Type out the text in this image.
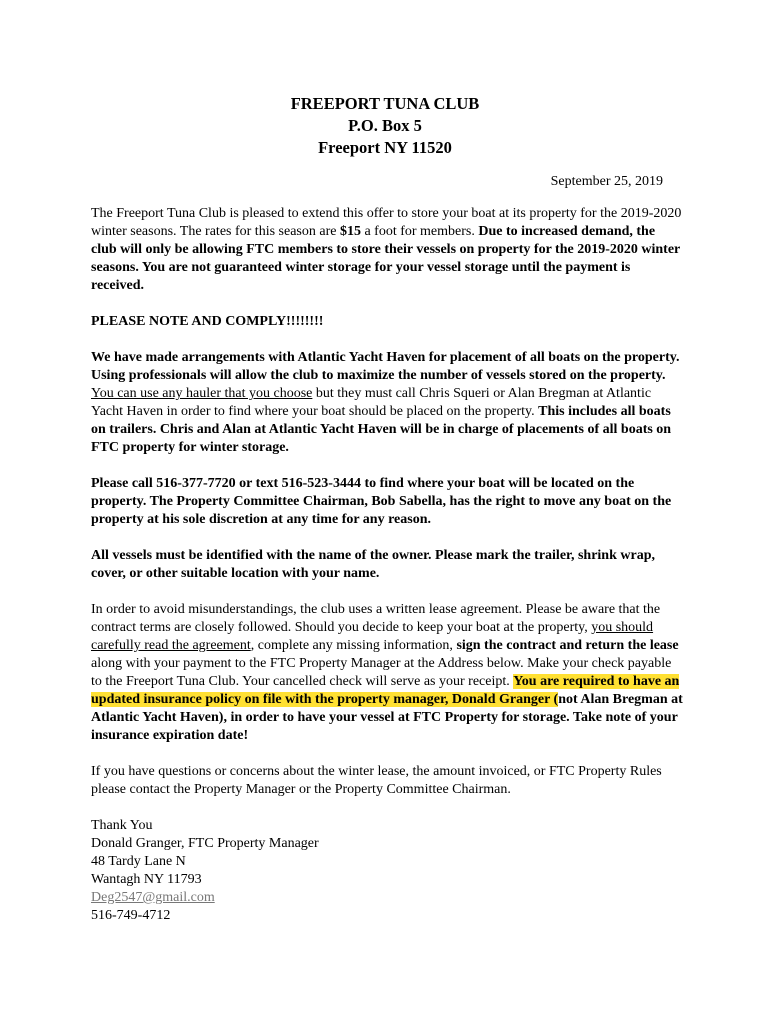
FREEPORT TUNA CLUB
P.O. Box 5
Freeport NY 11520
September 25, 2019

The Freeport Tuna Club is pleased to extend this offer to store your boat at its property for the 2019-2020 winter seasons. The rates for this season are $15 a foot for members. Due to increased demand, the club will only be allowing FTC members to store their vessels on property for the 2019-2020 winter seasons. You are not guaranteed winter storage for your vessel storage until the payment is received.

PLEASE NOTE AND COMPLY!!!!!!!!

We have made arrangements with Atlantic Yacht Haven for placement of all boats on the property. Using professionals will allow the club to maximize the number of vessels stored on the property. You can use any hauler that you choose but they must call Chris Squeri or Alan Bregman at Atlantic Yacht Haven in order to find where your boat should be placed on the property. This includes all boats on trailers. Chris and Alan at Atlantic Yacht Haven will be in charge of placements of all boats on FTC property for winter storage.

Please call 516-377-7720 or text 516-523-3444 to find where your boat will be located on the property. The Property Committee Chairman, Bob Sabella, has the right to move any boat on the property at his sole discretion at any time for any reason.

All vessels must be identified with the name of the owner. Please mark the trailer, shrink wrap, cover, or other suitable location with your name.

In order to avoid misunderstandings, the club uses a written lease agreement. Please be aware that the contract terms are closely followed. Should you decide to keep your boat at the property, you should carefully read the agreement, complete any missing information, sign the contract and return the lease along with your payment to the FTC Property Manager at the Address below. Make your check payable to the Freeport Tuna Club. Your cancelled check will serve as your receipt. You are required to have an updated insurance policy on file with the property manager, Donald Granger (not Alan Bregman at Atlantic Yacht Haven), in order to have your vessel at FTC Property for storage. Take note of your insurance expiration date!

If you have questions or concerns about the winter lease, the amount invoiced, or FTC Property Rules please contact the Property Manager or the Property Committee Chairman.

Thank You
Donald Granger, FTC Property Manager
48 Tardy Lane N
Wantagh NY 11793
Deg2547@gmail.com
516-749-4712
